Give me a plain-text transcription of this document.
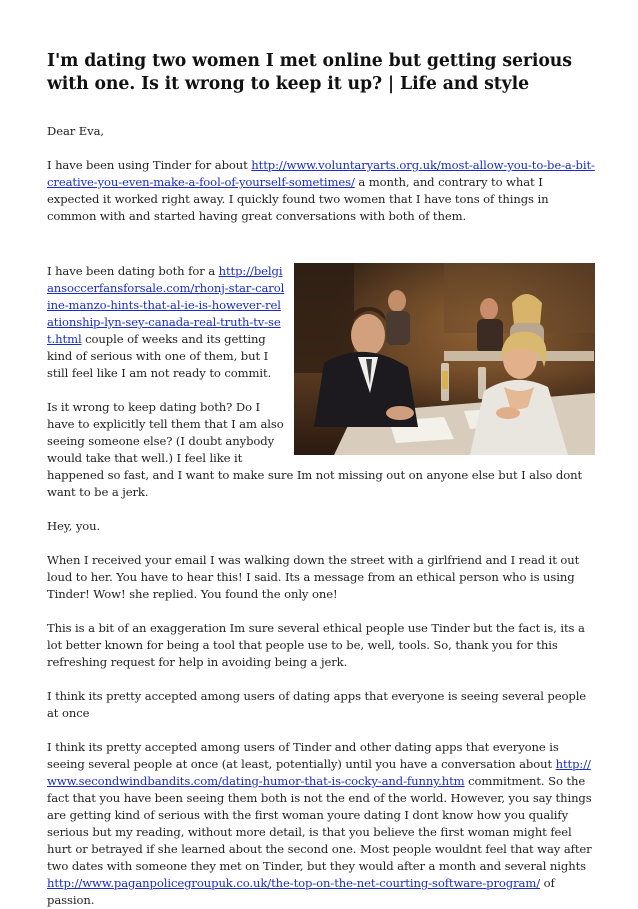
I'm dating two women I met online but getting serious with one. Is it wrong to keep it up? | Life and style

Dear Eva,

I have been using Tinder for about http://www.voluntaryarts.org.uk/most-allow-you-to-be-a-bit-creative-you-even-make-a-fool-of-yourself-sometimes/ a month, and contrary to what I expected it worked right away. I quickly found two women that I have tons of things in common with and started having great conversations with both of them.

I have been dating both for a http://belgiansoccerfansforsale.com/rhonj-star-caroline-manzo-hints-that-al-ie-is-however-relationship-lyn-sey-canada-real-truth-tv-set.html couple of weeks and its getting kind of serious with one of them, but I still feel like I am not ready to commit.

Is it wrong to keep dating both? Do I have to explicitly tell them that I am also seeing someone else? (I doubt anybody would take that well.) I feel like it happened so fast, and I want to make sure Im not missing out on anyone else but I also dont want to be a jerk.

Hey, you.

When I received your email I was walking down the street with a girlfriend and I read it out loud to her. You have to hear this! I said. Its a message from an ethical person who is using Tinder! Wow! she replied. You found the only one!

This is a bit of an exaggeration Im sure several ethical people use Tinder but the fact is, its a lot better known for being a tool that people use to be, well, tools. So, thank you for this refreshing request for help in avoiding being a jerk.

I think its pretty accepted among users of dating apps that everyone is seeing several people at once

I think its pretty accepted among users of Tinder and other dating apps that everyone is seeing several people at once (at least, potentially) until you have a conversation about http://www.secondwindbandits.com/dating-humor-that-is-cocky-and-funny.htm commitment. So the fact that you have been seeing them both is not the end of the world. However, you say things are getting kind of serious with the first woman youre dating I dont know how you qualify serious but my reading, without more detail, is that you believe the first woman might feel hurt or betrayed if she learned about the second one. Most people wouldnt feel that way after two dates with someone they met on Tinder, but they would after a month and several nights http://www.paganpolicegroupuk.co.uk/the-top-on-the-net-courting-software-program/ of passion.
